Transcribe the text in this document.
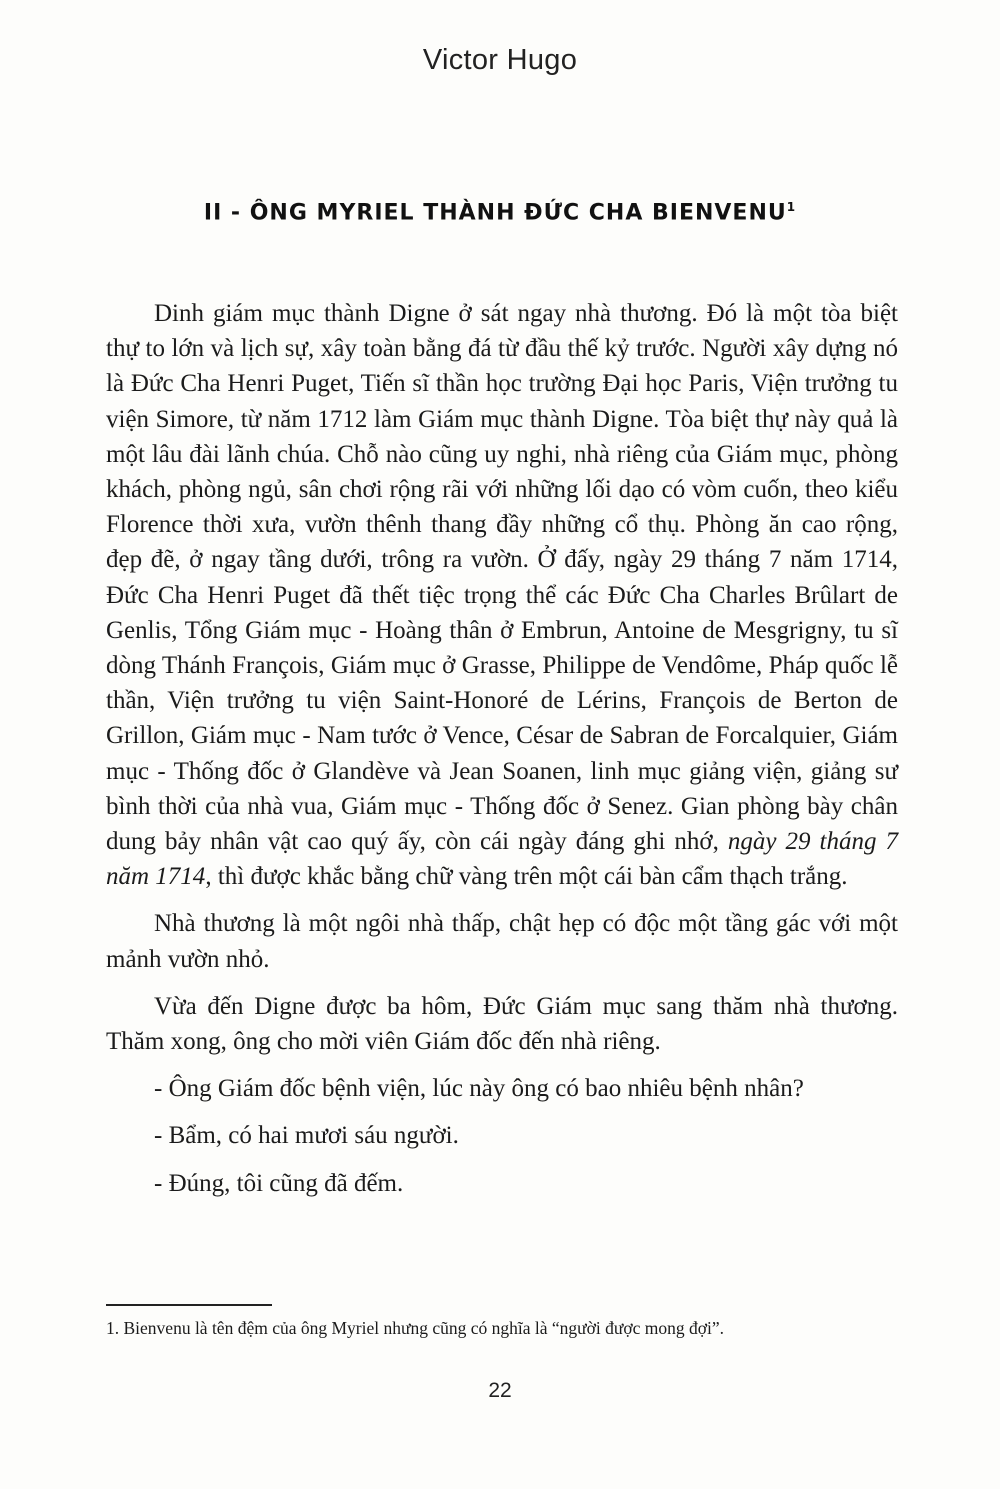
Victor Hugo
II - ÔNG MYRIEL THÀNH ĐỨC CHA BIENVENU$^1$

Dinh giám mục thành Digne ở sát ngay nhà thương. Đó là một tòa biệt thự to lớn và lịch sự, xây toàn bằng đá từ đầu thế kỷ trước. Người xây dựng nó là Đức Cha Henri Puget, Tiến sĩ thần học trường Đại học Paris, Viện trưởng tu viện Simore, từ năm 1712 làm Giám mục thành Digne. Tòa biệt thự này quả là một lâu đài lãnh chúa. Chỗ nào cũng uy nghi, nhà riêng của Giám mục, phòng khách, phòng ngủ, sân chơi rộng rãi với những lối dạo có vòm cuốn, theo kiểu Florence thời xưa, vườn thênh thang đầy những cổ thụ. Phòng ăn cao rộng, đẹp đẽ, ở ngay tầng dưới, trông ra vườn. Ở đấy, ngày 29 tháng 7 năm 1714, Đức Cha Henri Puget đã thết tiệc trọng thể các Đức Cha Charles Brûlart de Genlis, Tổng Giám mục - Hoàng thân ở Embrun, Antoine de Mesgrigny, tu sĩ dòng Thánh François, Giám mục ở Grasse, Philippe de Vendôme, Pháp quốc lễ thần, Viện trưởng tu viện Saint-Honoré de Lérins, François de Berton de Grillon, Giám mục - Nam tước ở Vence, César de Sabran de Forcalquier, Giám mục - Thống đốc ở Glandève và Jean Soanen, linh mục giảng viện, giảng sư bình thời của nhà vua, Giám mục - Thống đốc ở Senez. Gian phòng bày chân dung bảy nhân vật cao quý ấy, còn cái ngày đáng ghi nhớ, ngày 29 tháng 7 năm 1714, thì được khắc bằng chữ vàng trên một cái bàn cẩm thạch trắng.

Nhà thương là một ngôi nhà thấp, chật hẹp có độc một tầng gác với một mảnh vườn nhỏ.

Vừa đến Digne được ba hôm, Đức Giám mục sang thăm nhà thương. Thăm xong, ông cho mời viên Giám đốc đến nhà riêng.

- Ông Giám đốc bệnh viện, lúc này ông có bao nhiêu bệnh nhân?

- Bẩm, có hai mươi sáu người.

- Đúng, tôi cũng đã đếm.

1. Bienvenu là tên đệm của ông Myriel nhưng cũng có nghĩa là “người được mong đợi”.
22
